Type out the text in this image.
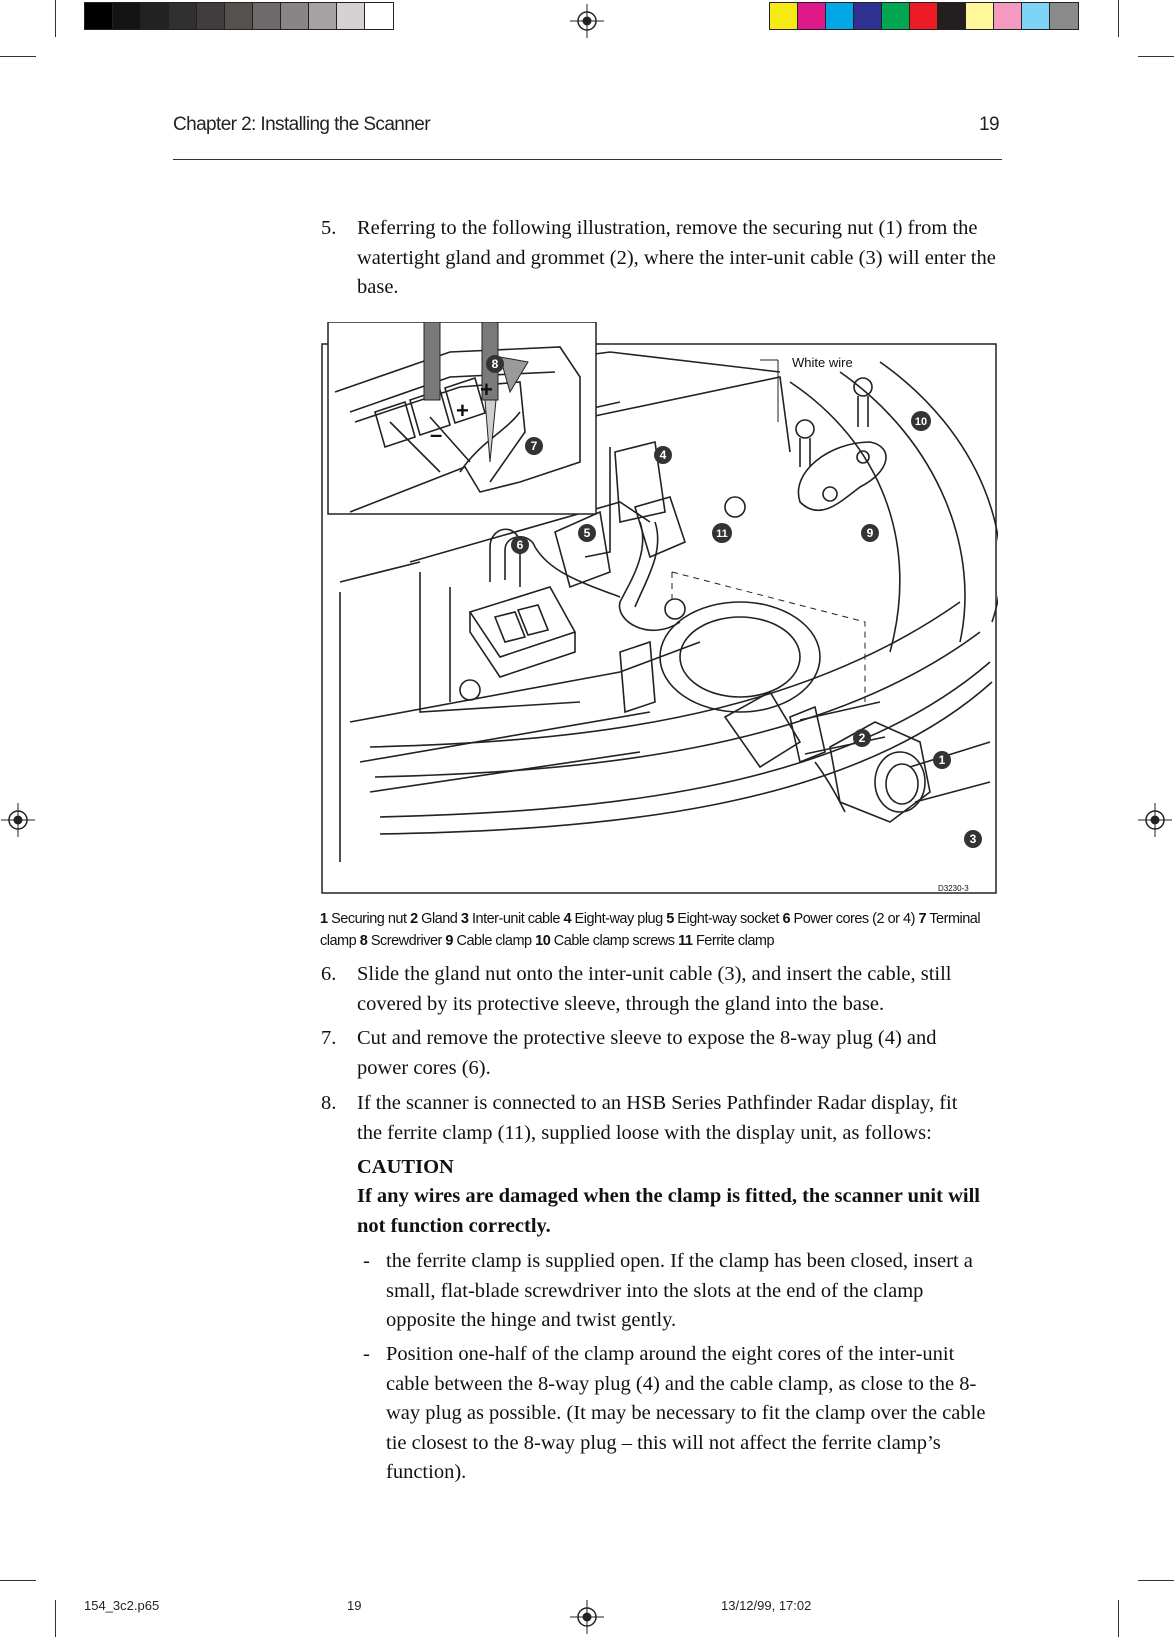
Chapter 2: Installing the Scanner	19
5.	Referring to the following illustration, remove the securing nut (1) from the watertight gland and grommet (2), where the inter-unit cable (3) will enter the base.
+
+
–
White wire
D3230-3
1
2
3
4
5
6
7
8
9
10
11
1 Securing nut 2 Gland 3 Inter-unit cable 4 Eight-way plug 5 Eight-way socket 6 Power cores (2 or 4) 7 Terminal clamp 8 Screwdriver 9 Cable clamp 10 Cable clamp screws 11 Ferrite clamp
6.	Slide the gland nut onto the inter-unit cable (3), and insert the cable, still covered by its protective sleeve, through the gland into the base.
7.	Cut and remove the protective sleeve to expose the 8-way plug (4) and power cores (6).
8.	If the scanner is connected to an HSB Series Pathfinder Radar display, fit the ferrite clamp (11), supplied loose with the display unit, as follows:
CAUTION
If any wires are damaged when the clamp is fitted, the scanner unit will not function correctly.
- the ferrite clamp is supplied open. If the clamp has been closed, insert a small, flat-blade screwdriver into the slots at the end of the clamp opposite the hinge and twist gently.
- Position one-half of the clamp around the eight cores of the inter-unit cable between the 8-way plug (4) and the cable clamp, as close to the 8-way plug as possible. (It may be necessary to fit the clamp over the cable tie closest to the 8-way plug – this will not affect the ferrite clamp’s function).
154_3c2.p65	19	13/12/99, 17:02
